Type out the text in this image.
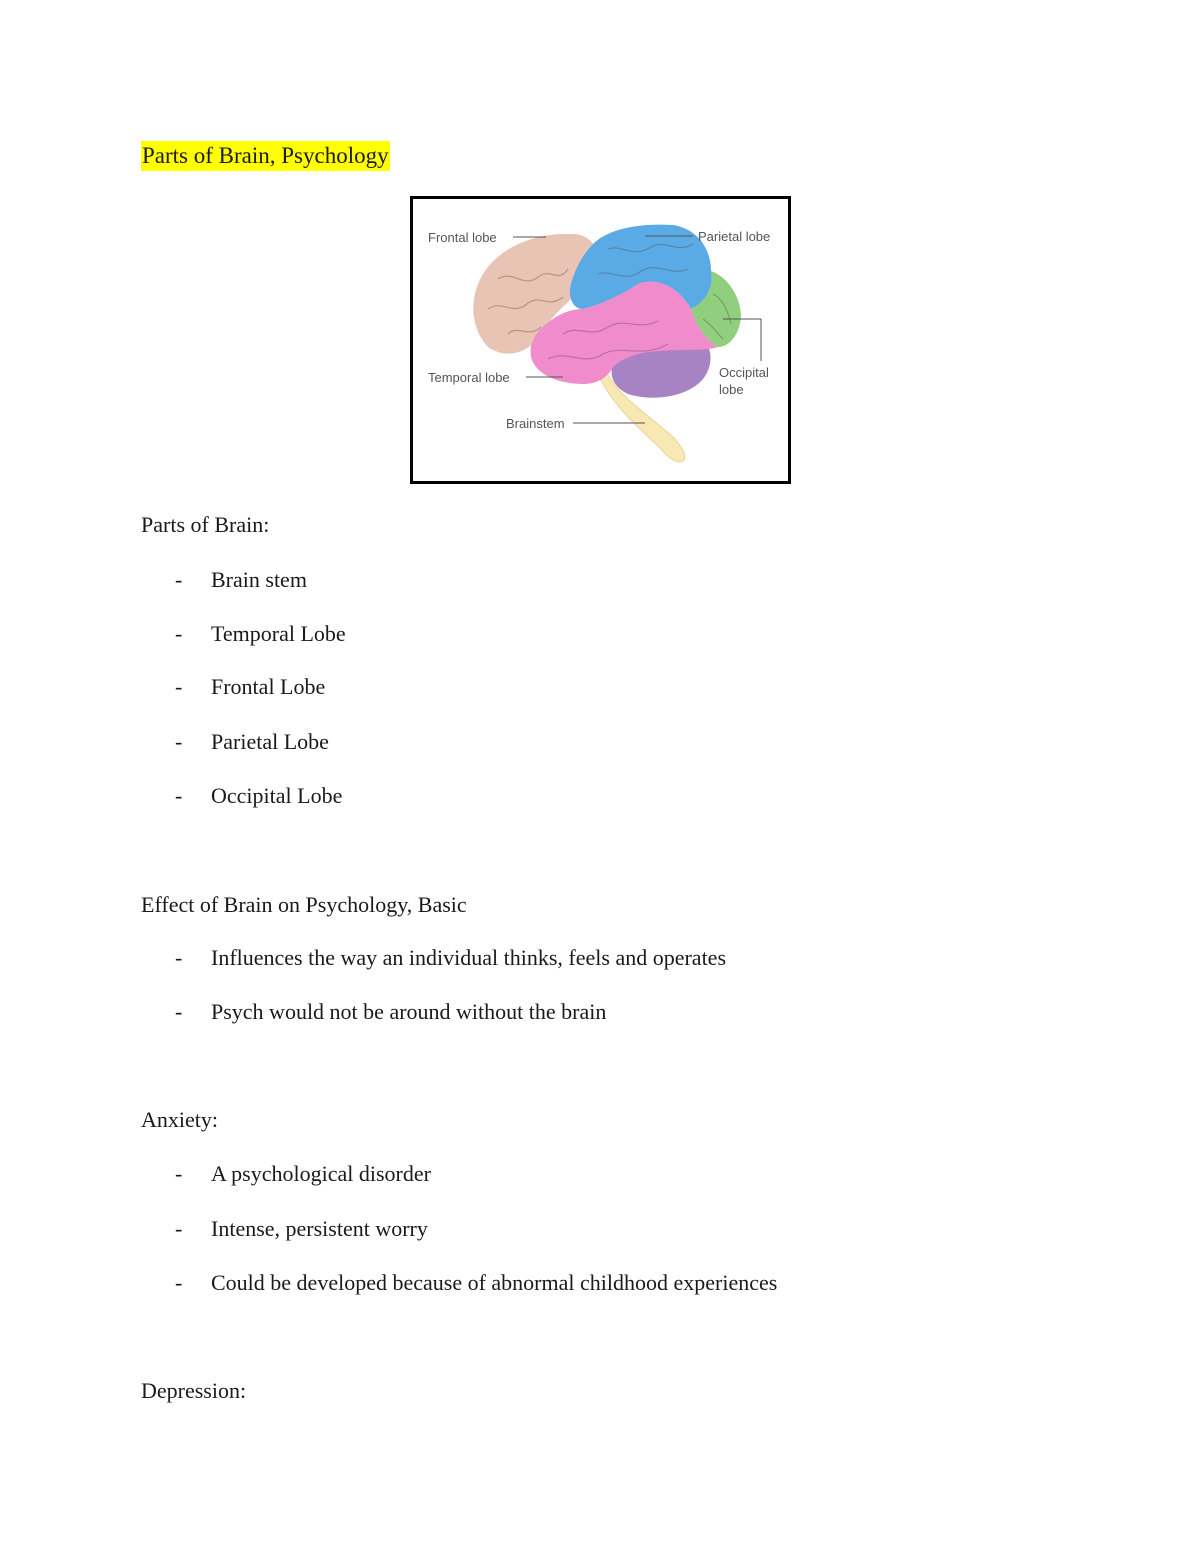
Parts of Brain, Psychology
Frontal lobe	Parietal lobe
Temporal lobe	Occipital
lobe
Brainstem
Parts of Brain:
- Brain stem
- Temporal Lobe
- Frontal Lobe
- Parietal Lobe
- Occipital Lobe
Effect of Brain on Psychology, Basic
- Influences the way an individual thinks, feels and operates
- Psych would not be around without the brain
Anxiety:
- A psychological disorder
- Intense, persistent worry
- Could be developed because of abnormal childhood experiences
Depression:
